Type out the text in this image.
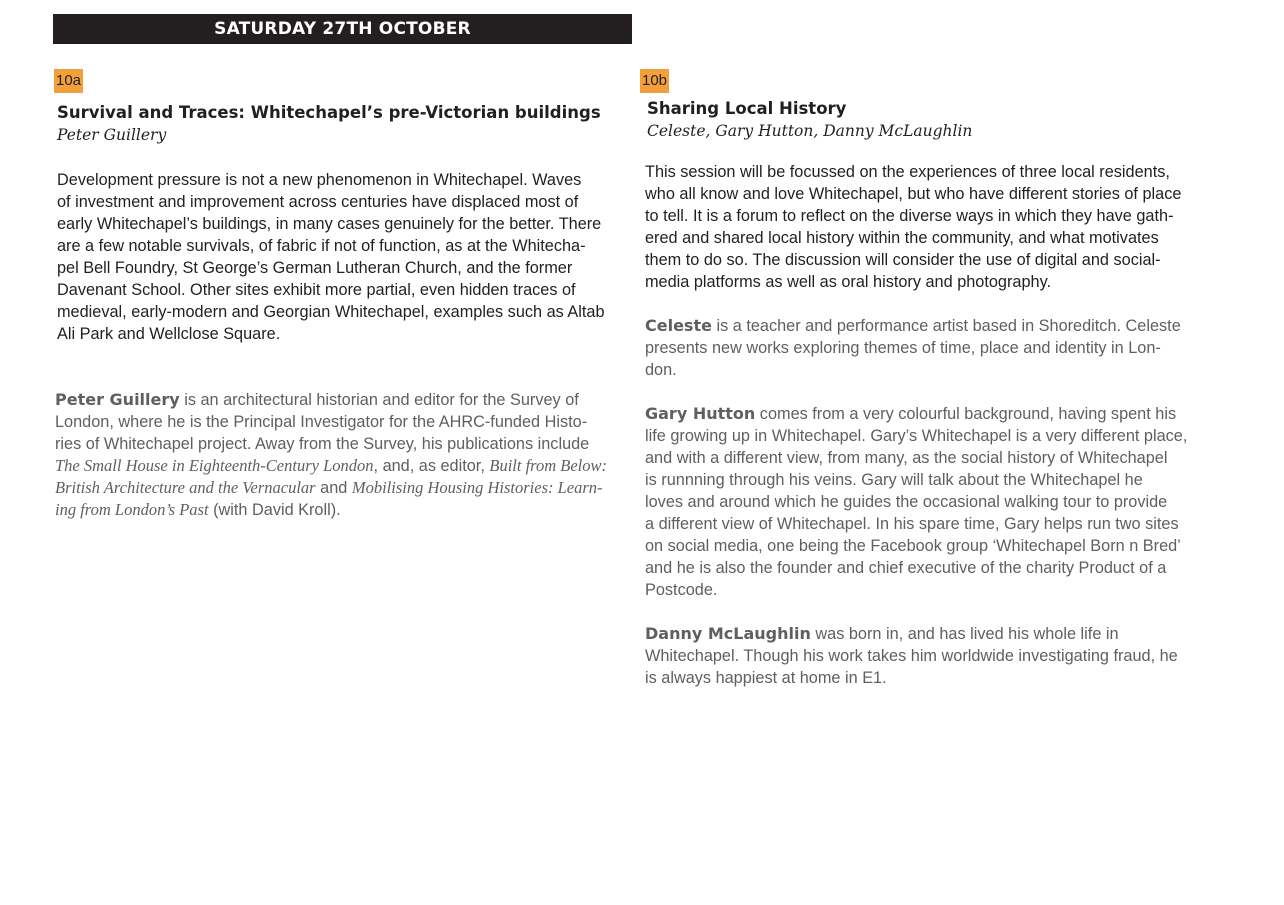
SATURDAY 27TH OCTOBER
10a
Survival and Traces: Whitechapel’s pre-Victorian buildings

Peter Guillery

Development pressure is not a new phenomenon in Whitechapel. Waves
of investment and improvement across centuries have displaced most of
early Whitechapel’s buildings, in many cases genuinely for the better. There
are a few notable survivals, of fabric if not of function, as at the Whitecha-
pel Bell Foundry, St George’s German Lutheran Church, and the former
Davenant School. Other sites exhibit more partial, even hidden traces of
medieval, early-modern and Georgian Whitechapel, examples such as Altab
Ali Park and Wellclose Square.

Peter Guillery is an architectural historian and editor for the Survey of
London, where he is the Principal Investigator for the AHRC-funded Histo-
ries of Whitechapel project. Away from the Survey, his publications include
The Small House in Eighteenth-Century London, and, as editor, Built from Below:
British Architecture and the Vernacular and Mobilising Housing Histories: Learn-
ing from London’s Past (with David Kroll).

10b
Sharing Local History

Celeste, Gary Hutton, Danny McLaughlin

This session will be focussed on the experiences of three local residents,
who all know and love Whitechapel, but who have different stories of place
to tell. It is a forum to reflect on the diverse ways in which they have gath-
ered and shared local history within the community, and what motivates
them to do so. The discussion will consider the use of digital and social-
media platforms as well as oral history and photography.

Celeste is a teacher and performance artist based in Shoreditch. Celeste
presents new works exploring themes of time, place and identity in Lon-
don.

Gary Hutton comes from a very colourful background, having spent his
life growing up in Whitechapel. Gary’s Whitechapel is a very different place,
and with a different view, from many, as the social history of Whitechapel
is runnning through his veins. Gary will talk about the Whitechapel he
loves and around which he guides the occasional walking tour to provide
a different view of Whitechapel. In his spare time, Gary helps run two sites
on social media, one being the Facebook group ‘Whitechapel Born n Bred’
and he is also the founder and chief executive of the charity Product of a
Postcode.

Danny McLaughlin was born in, and has lived his whole life in
Whitechapel. Though his work takes him worldwide investigating fraud, he
is always happiest at home in E1.
